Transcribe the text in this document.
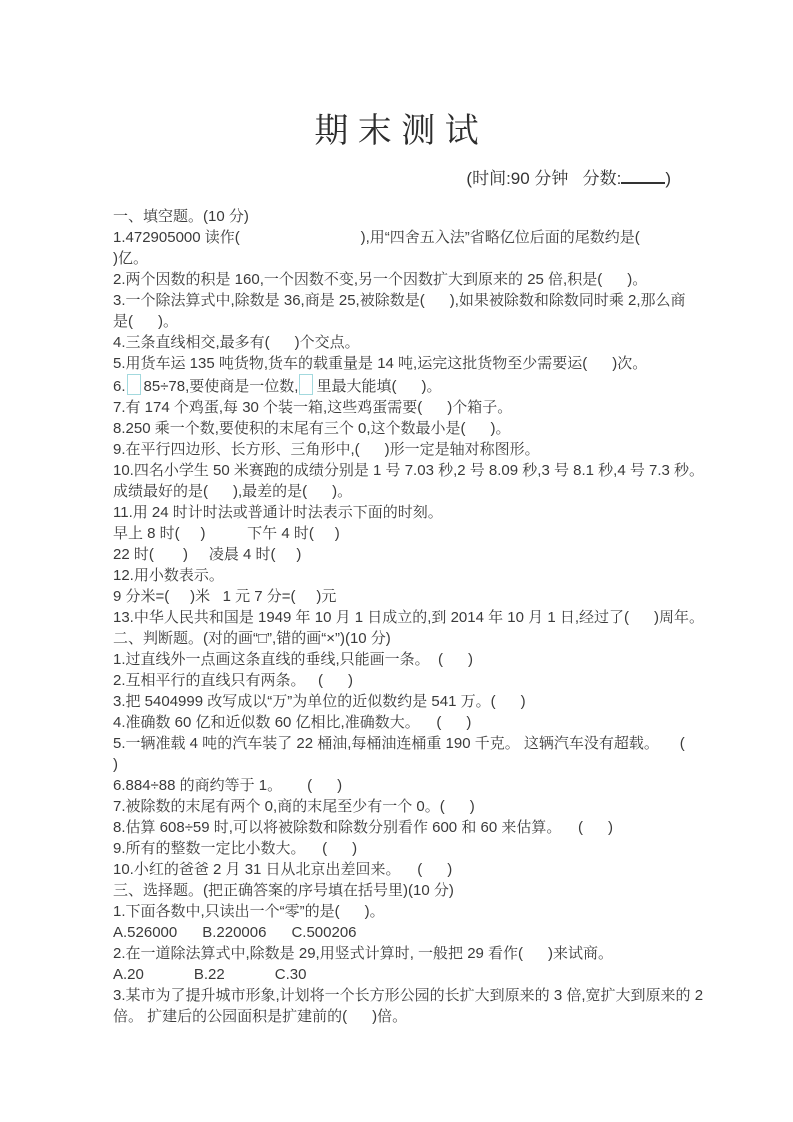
期 末 测 试
(时间:90 分钟   分数:	)
一、填空题。(10 分)
1.472905000 读作(                             ),用“四舍五入法”省略亿位后面的尾数约是(
)亿。
2.两个因数的积是 160,一个因数不变,另一个因数扩大到原来的 25 倍,积是(      )。
3.一个除法算式中,除数是 36,商是 25,被除数是(      ),如果被除数和除数同时乘 2,那么商
是(      )。
4.三条直线相交,最多有(      )个交点。
5.用货车运 135 吨货物,货车的载重量是 14 吨,运完这批货物至少需要运(      )次。
6. 85÷78,要使商是一位数, 里最大能填(      )。
7.有 174 个鸡蛋,每 30 个装一箱,这些鸡蛋需要(      )个箱子。
8.250 乘一个数,要使积的末尾有三个 0,这个数最小是(      )。
9.在平行四边形、长方形、三角形中,(      )形一定是轴对称图形。
10.四名小学生 50 米赛跑的成绩分别是 1 号 7.03 秒,2 号 8.09 秒,3 号 8.1 秒,4 号 7.3 秒。
成绩最好的是(      ),最差的是(      )。
11.用 24 时计时法或普通计时法表示下面的时刻。
早上 8 时(     )          下午 4 时(     )
22 时(       )     凌晨 4 时(     )
12.用小数表示。
9 分米=(     )米   1 元 7 分=(     )元
13.中华人民共和国是 1949 年 10 月 1 日成立的,到 2014 年 10 月 1 日,经过了(      )周年。
二、判断题。(对的画“□”,错的画“×”)(10 分)
1.过直线外一点画这条直线的垂线,只能画一条。  (      )
2.互相平行的直线只有两条。   (      )
3.把 5404999 改写成以“万”为单位的近似数约是 541 万。(      )
4.准确数 60 亿和近似数 60 亿相比,准确数大。    (      )
5.一辆准载 4 吨的汽车装了 22 桶油,每桶油连桶重 190 千克。 这辆汽车没有超载。     (
)
6.884÷88 的商约等于 1。      (      )
7.被除数的末尾有两个 0,商的末尾至少有一个 0。(      )
8.估算 608÷59 时,可以将被除数和除数分别看作 600 和 60 来估算。    (      )
9.所有的整数一定比小数大。    (      )
10.小红的爸爸 2 月 31 日从北京出差回来。    (      )
三、选择题。(把正确答案的序号填在括号里)(10 分)
1.下面各数中,只读出一个“零”的是(      )。
A.526000      B.220006      C.500206
2.在一道除法算式中,除数是 29,用竖式计算时, 一般把 29 看作(      )来试商。
A.20            B.22            C.30
3.某市为了提升城市形象,计划将一个长方形公园的长扩大到原来的 3 倍,宽扩大到原来的 2
倍。 扩建后的公园面积是扩建前的(      )倍。
